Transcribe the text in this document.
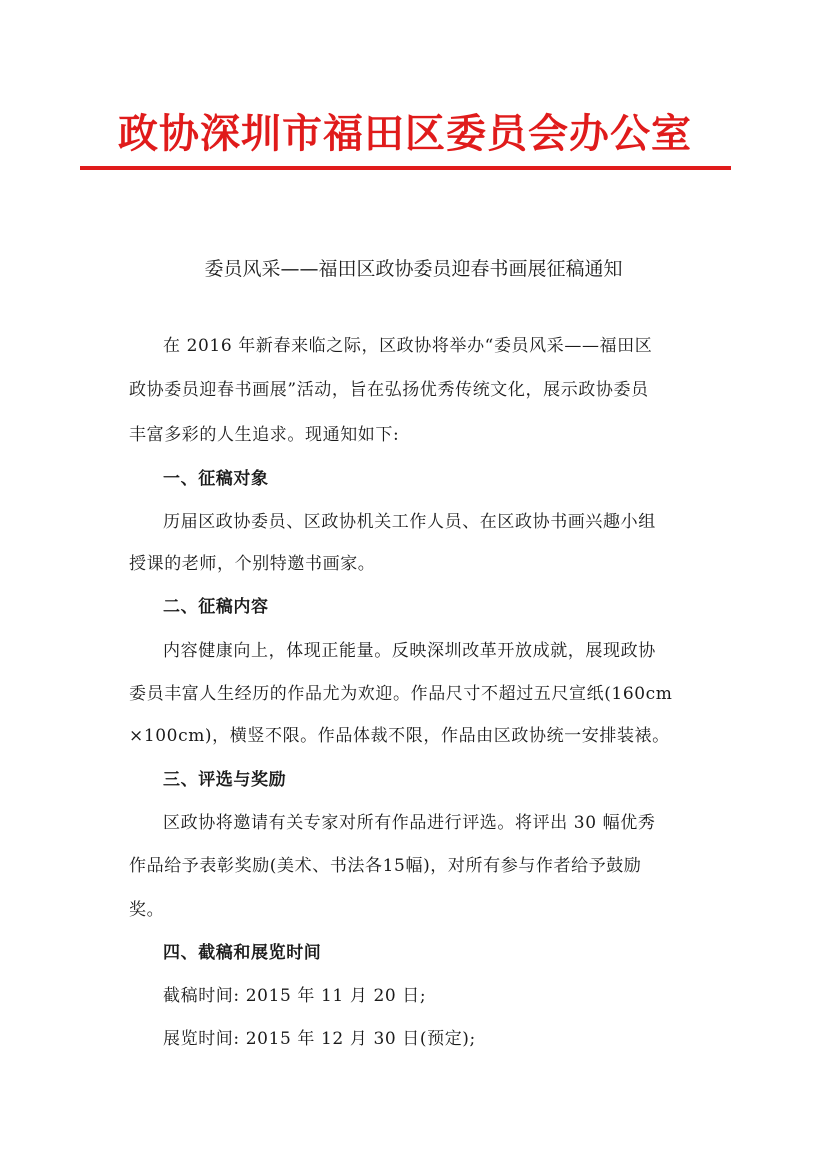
政协深圳市福田区委员会办公室
委员风采——福田区政协委员迎春书画展征稿通知
在 2016 年新春来临之际，区政协将举办“委员风采——福田区
政协委员迎春书画展”活动，旨在弘扬优秀传统文化，展示政协委员
丰富多彩的人生追求。现通知如下:
一、征稿对象
历届区政协委员、区政协机关工作人员、在区政协书画兴趣小组
授课的老师，个别特邀书画家。
二、征稿内容
内容健康向上，体现正能量。反映深圳改革开放成就，展现政协
委员丰富人生经历的作品尤为欢迎。作品尺寸不超过五尺宣纸(160cm
×100cm)，横竖不限。作品体裁不限，作品由区政协统一安排装裱。
三、评选与奖励
区政协将邀请有关专家对所有作品进行评选。将评出 30 幅优秀
作品给予表彰奖励(美术、书法各15幅)，对所有参与作者给予鼓励
奖。
四、截稿和展览时间
截稿时间: 2015 年 11 月 20 日;
展览时间: 2015 年 12 月 30 日(预定);
